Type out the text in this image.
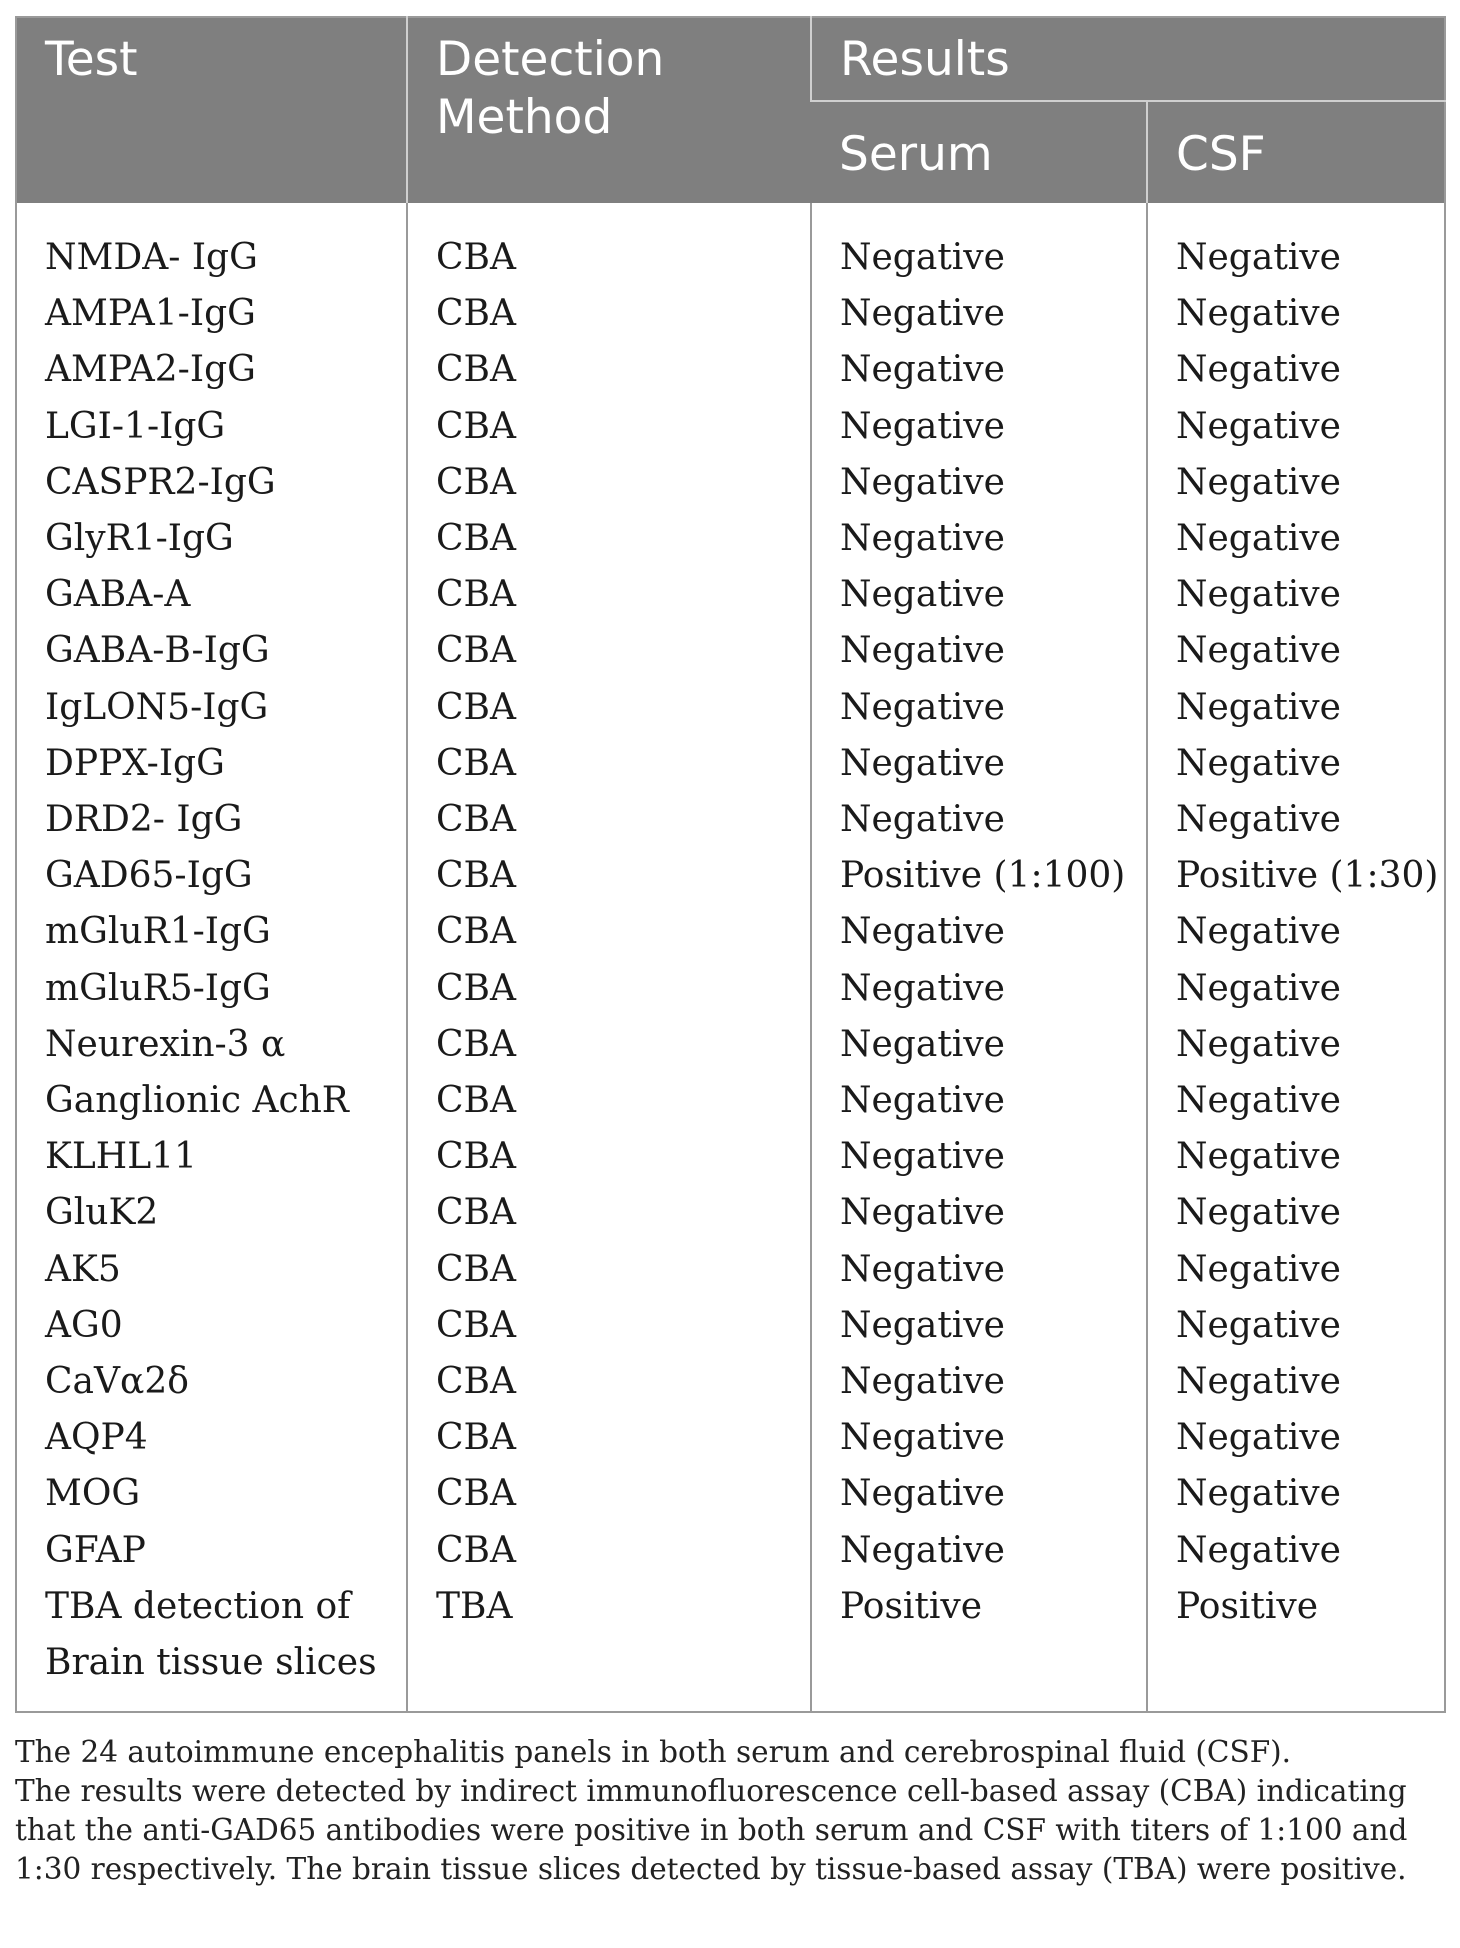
Test	Detection Method	Results	
		Serum	CSF
NMDA- IgG	CBA	Negative	Negative
AMPA1-IgG	CBA	Negative	Negative
AMPA2-IgG	CBA	Negative	Negative
LGI-1-IgG	CBA	Negative	Negative
CASPR2-IgG	CBA	Negative	Negative
GlyR1-IgG	CBA	Negative	Negative
GABA-A	CBA	Negative	Negative
GABA-B-IgG	CBA	Negative	Negative
IgLON5-IgG	CBA	Negative	Negative
DPPX-IgG	CBA	Negative	Negative
DRD2- IgG	CBA	Negative	Negative
GAD65-IgG	CBA	Positive (1:100)	Positive (1:30)
mGluR1-IgG	CBA	Negative	Negative
mGluR5-IgG	CBA	Negative	Negative
Neurexin-3 α	CBA	Negative	Negative
Ganglionic AchR	CBA	Negative	Negative
KLHL11	CBA	Negative	Negative
GluK2	CBA	Negative	Negative
AK5	CBA	Negative	Negative
AG0	CBA	Negative	Negative
CaVα2δ	CBA	Negative	Negative
AQP4	CBA	Negative	Negative
MOG	CBA	Negative	Negative
GFAP	CBA	Negative	Negative
TBA detection of Brain tissue slices	TBA	Positive	Positive

The 24 autoimmune encephalitis panels in both serum and cerebrospinal fluid (CSF).

The results were detected by indirect immunofluorescence cell-based assay (CBA) indicating that the anti-GAD65 antibodies were positive in both serum and CSF with titers of 1:100 and 1:30 respectively. The brain tissue slices detected by tissue-based assay (TBA) were positive.
